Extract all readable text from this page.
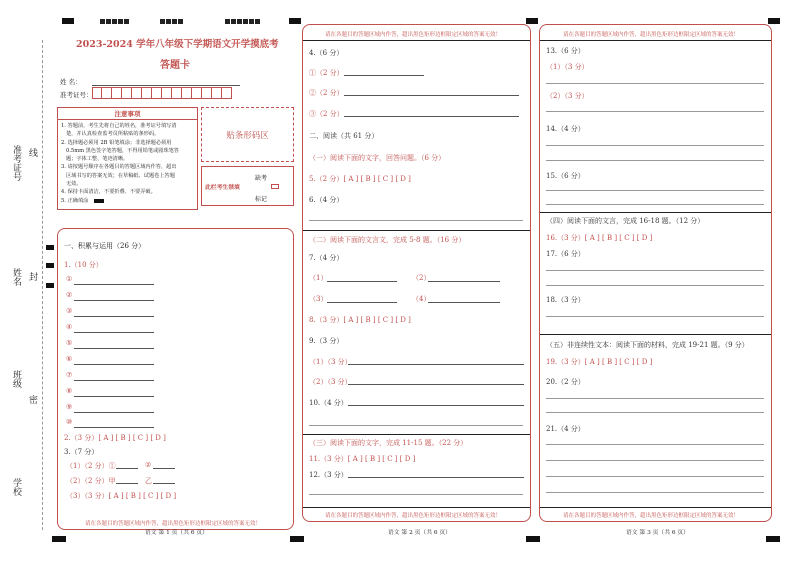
准考证号 线
姓名 封
班级
密
学校
2023-2024 学年八年级下学期语文开学摸底考
答题卡
姓 名：
准考证号：
注意事项
1. 答题前，考生先将自己的姓名，准考证号填写清
楚，并认真检查监考员所粘贴的条形码。
2. 选择题必须用 2B 铅笔填涂；非选择题必须用
0.5mm 黑色签字笔答题，不得用铅笔或圆珠笔答
题；字体工整、笔迹清晰。
3. 请按题号顺序在各题目的答题区域内作答，超出
区域书写的答案无效；在草稿纸、试题卷上答题
无效。
4. 保持卡面清洁，不要折叠、不要弄破。
5. 正确填涂
贴条形码区
此栏考生禁填
缺考
标记
一、积累与运用（26 分）
1.（10 分）
①
②
③
④
⑤
⑥
⑦
⑧
⑨
⑩
2.（3 分）[ A ] [ B ] [ C ] [ D ]
3.（7 分）
（1）（2 分）①	②
（2）（2 分）甲	乙
（3）（3 分）[ A ] [ B ] [ C ] [ D ]
请在各题目的答题区域内作答，超出黑色矩形边框限定区域的答案无效！
语文 第 1 页（共 6 页）
请在各题目的答题区域内作答，超出黑色矩形边框限定区域的答案无效！
4.（6 分）
①（2 分）
②（2 分）
③（2 分）
二、阅读（共 61 分）
（一）阅读下面的文字，回答问题。（6 分）
5.（2 分）[ A ] [ B ] [ C ] [ D ]
6.（4 分）
（二）阅读下面的文言文，完成 5-8 题。（16 分）
7.（4 分）
（1）	（2）
（3）	（4）
8.（3 分）[ A ] [ B ] [ C ] [ D ]
9.（3 分）
（1）（3 分）
（2）（3 分）
10.（4 分）
（三）阅读下面的文字，完成 11-15 题。（22 分）
11.（3 分）[ A ] [ B ] [ C ] [ D ]
12.（3 分）
请在各题目的答题区域内作答，超出黑色矩形边框限定区域的答案无效！
语文 第 2 页（共 6 页）
请在各题目的答题区域内作答，超出黑色矩形边框限定区域的答案无效！
13.（6 分）
（1）（3 分）
（2）（3 分）
14.（4 分）
15.（6 分）
（四）阅读下面的文言，完成 16-18 题。（12 分）
16.（3 分）[ A ] [ B ] [ C ] [ D ]
17.（6 分）
18.（3 分）
（五）非连续性文本：阅读下面的材料，完成 19-21 题。（9 分）
19.（3 分）[ A ] [ B ] [ C ] [ D ]
20.（2 分）
21.（4 分）
请在各题目的答题区域内作答，超出黑色矩形边框限定区域的答案无效！
语文 第 3 页（共 6 页）
